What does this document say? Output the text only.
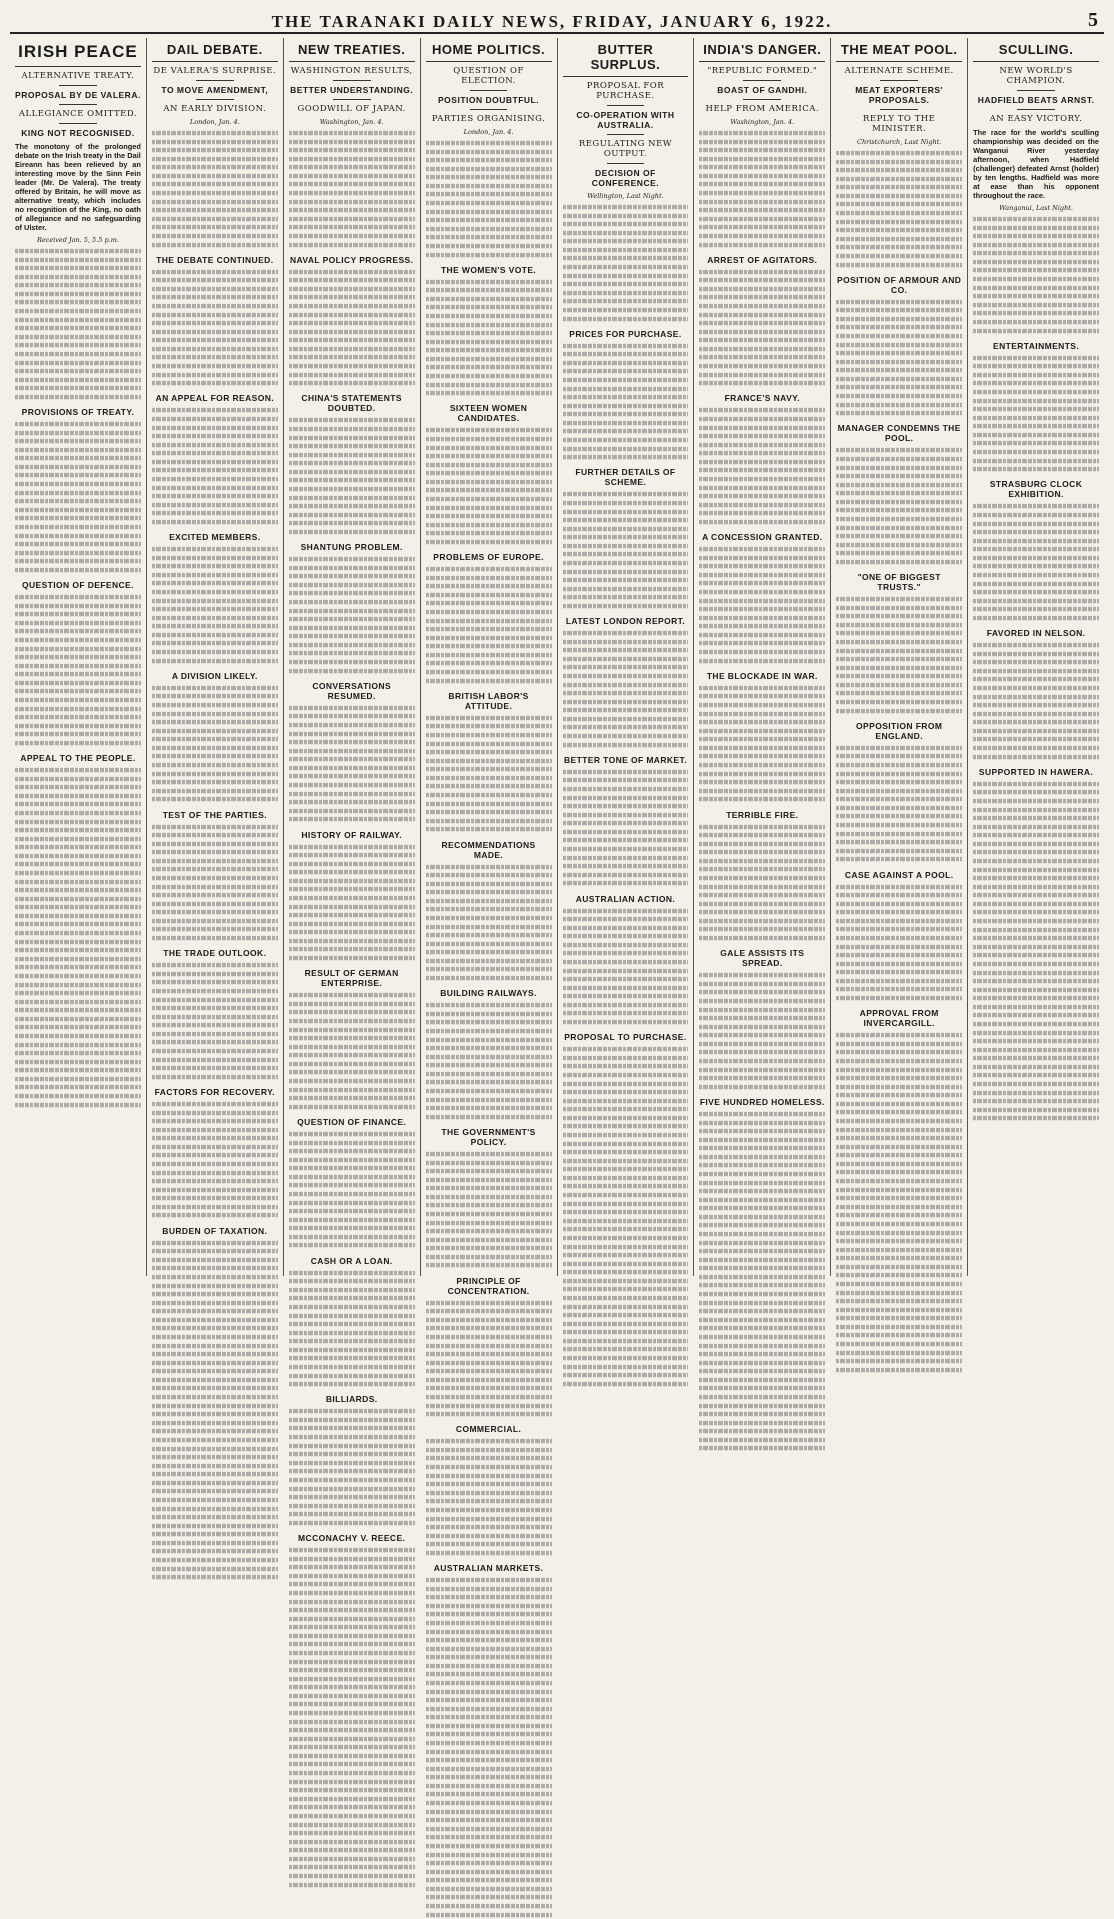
THE TARANAKI DAILY NEWS, FRIDAY, JANUARY 6, 1922.	5
IRISH PEACE
ALTERNATIVE TREATY.
PROPOSAL BY DE VALERA.
ALLEGIANCE OMITTED.
KING NOT RECOGNISED.
The monotony of the prolonged debate on the Irish treaty in the Dail Eireann has been relieved by an interesting move by the Sinn Fein leader (Mr. De Valera). The treaty offered by Britain, he will move as alternative treaty, which includes no recognition of the King, no oath of allegiance and no safeguarding of Ulster.
Received Jan. 5, 5.5 p.m.
PROVISIONS OF TREATY.
QUESTION OF DEFENCE.
APPEAL TO THE PEOPLE.
DAIL DEBATE.
DE VALERA'S SURPRISE.
TO MOVE AMENDMENT,
AN EARLY DIVISION.
London, Jan. 4.
THE DEBATE CONTINUED.
AN APPEAL FOR REASON.
EXCITED MEMBERS.
A DIVISION LIKELY.
TEST OF THE PARTIES.
THE TRADE OUTLOOK.
FACTORS FOR RECOVERY.
BURDEN OF TAXATION.
NEW TREATIES.
WASHINGTON RESULTS,
BETTER UNDERSTANDING.
GOODWILL OF JAPAN.
Washington, Jan. 4.
NAVAL POLICY PROGRESS.
CHINA'S STATEMENTS DOUBTED.
SHANTUNG PROBLEM.
CONVERSATIONS RESUMED.
HISTORY OF RAILWAY.
RESULT OF GERMAN ENTERPRISE.
QUESTION OF FINANCE.
CASH OR A LOAN.
BILLIARDS.
MCCONACHY V. REECE.
HOME POLITICS.
QUESTION OF ELECTION.
POSITION DOUBTFUL.
PARTIES ORGANISING.
London, Jan. 4.
THE WOMEN'S VOTE.
SIXTEEN WOMEN CANDIDATES.
PROBLEMS OF EUROPE.
BRITISH LABOR'S ATTITUDE.
RECOMMENDATIONS MADE.
BUILDING RAILWAYS.
THE GOVERNMENT'S POLICY.
PRINCIPLE OF CONCENTRATION.
COMMERCIAL.
AUSTRALIAN MARKETS.
BUTTER SURPLUS.
PROPOSAL FOR PURCHASE.
CO-OPERATION WITH AUSTRALIA.
REGULATING NEW OUTPUT.
DECISION OF CONFERENCE.
Wellington, Last Night.
PRICES FOR PURCHASE.
FURTHER DETAILS OF SCHEME.
LATEST LONDON REPORT.
BETTER TONE OF MARKET.
AUSTRALIAN ACTION.
PROPOSAL TO PURCHASE.
INDIA'S DANGER.
"REPUBLIC FORMED."
BOAST OF GANDHI.
HELP FROM AMERICA.
Washington, Jan. 4.
ARREST OF AGITATORS.
FRANCE'S NAVY.
A CONCESSION GRANTED.
THE BLOCKADE IN WAR.
TERRIBLE FIRE.
GALE ASSISTS ITS SPREAD.
FIVE HUNDRED HOMELESS.
THE MEAT POOL.
ALTERNATE SCHEME.
MEAT EXPORTERS' PROPOSALS.
REPLY TO THE MINISTER.
Christchurch, Last Night.
POSITION OF ARMOUR AND CO.
MANAGER CONDEMNS THE POOL.
"ONE OF BIGGEST TRUSTS."
OPPOSITION FROM ENGLAND.
CASE AGAINST A POOL.
APPROVAL FROM INVERCARGILL.
SCULLING.
NEW WORLD'S CHAMPION.
HADFIELD BEATS ARNST.
AN EASY VICTORY.
The race for the world's sculling championship was decided on the Wanganui River yesterday afternoon, when Hadfield (challenger) defeated Arnst (holder) by ten lengths. Hadfield was more at ease than his opponent throughout the race.
Wanganui, Last Night.
ENTERTAINMENTS.
STRASBURG CLOCK EXHIBITION.
FAVORED IN NELSON.
SUPPORTED IN HAWERA.
